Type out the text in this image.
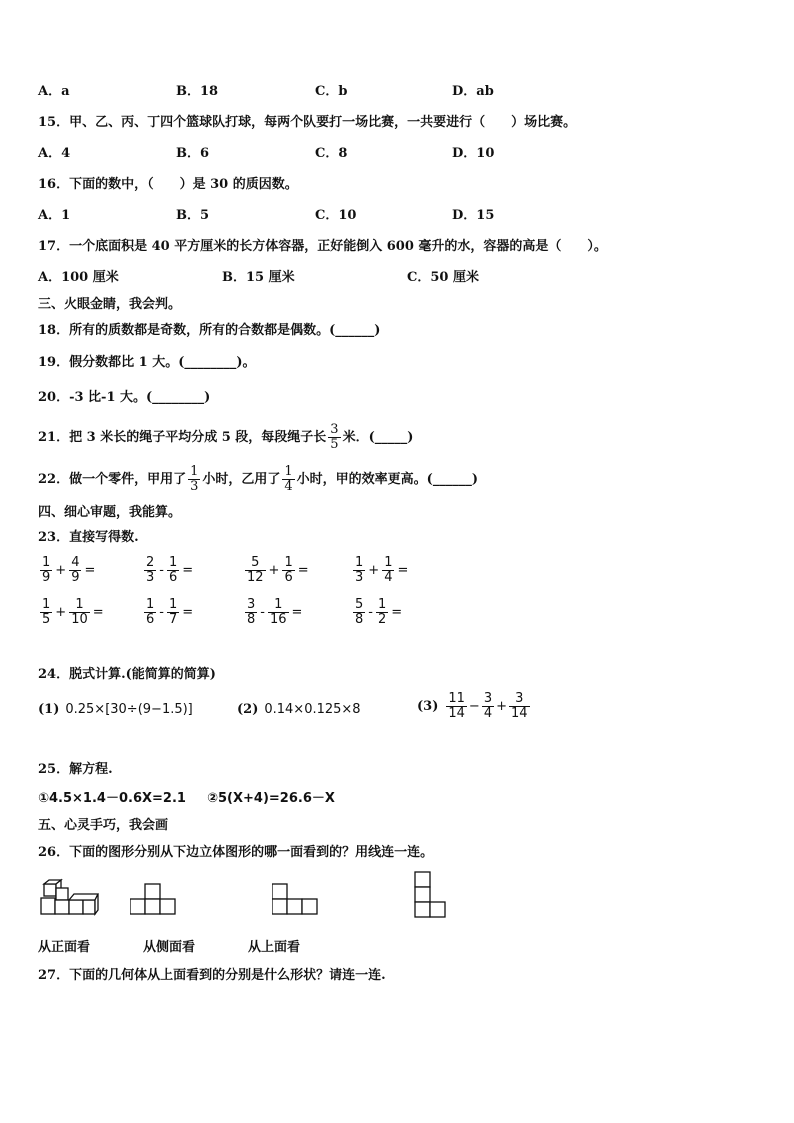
A．a	B．18	C．b	D．ab
15．甲、乙、丙、丁四个篮球队打球，每两个队要打一场比赛，一共要进行（　　）场比赛。
A．4	B．6	C．8	D．10
16．下面的数中，（　　）是 30 的质因数。
A．1	B．5	C．10	D．15
17．一个底面积是 40 平方厘米的长方体容器，正好能倒入 600 毫升的水，容器的高是（　　）。
A．100 厘米	B．15 厘米	C．50 厘米
三、火眼金睛，我会判。
18．所有的质数都是奇数，所有的合数都是偶数。(______)
19．假分数都比 1 大。(________)。
20．-3 比-1 大。(________)
21．把 3 米长的绳子平均分成 5 段，每段绳子长 $\frac{3}{5}$ 米．(_____)
22．做一个零件，甲用了 $\frac{1}{3}$ 小时，乙用了 $\frac{1}{4}$ 小时，甲的效率更高。(______)
四、细心审题，我能算。
23．直接写得数.
$\frac{1}{9} + \frac{4}{9}$ =	$\frac{2}{3} - \frac{1}{6}$ =	$\frac{5}{12} + \frac{1}{6}$ =	$\frac{1}{3} + \frac{1}{4}$ =
$\frac{1}{5} + \frac{1}{10}$ =	$\frac{1}{6} - \frac{1}{7}$ =	$\frac{3}{8} - \frac{1}{16}$ =	$\frac{5}{8} - \frac{1}{2}$ =
24．脱式计算.(能简算的简算)
(1) 0.25×[30÷(9−1.5)]	(2) 0.14×0.125×8	$(3) \frac{11}{14} - \frac{3}{4} + \frac{3}{14}$
25．解方程.
①4.5×1.4－0.6X=2.1 ②5(X+4)=26.6－X
五、心灵手巧，我会画
26．下面的图形分别从下边立体图形的哪一面看到的？用线连一连。
从正面看	从侧面看	从上面看
27．下面的几何体从上面看到的分别是什么形状？请连一连.
